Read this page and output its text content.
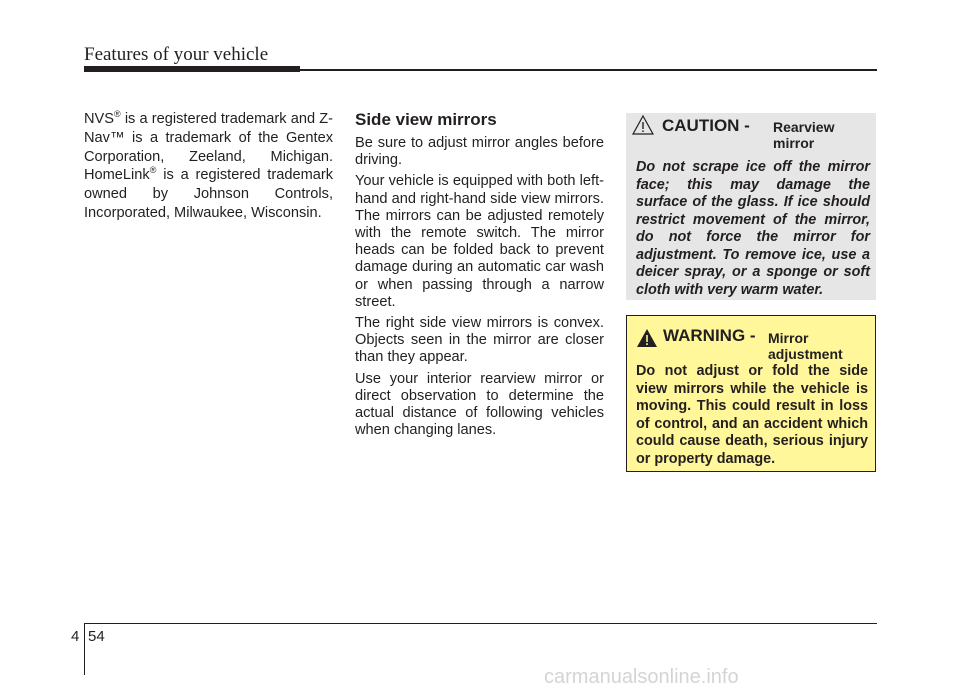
Features of your vehicle
NVS® is a registered trademark and Z-Nav™ is a trademark of the Gentex Corporation, Zeeland, Michigan. HomeLink® is a registered trademark owned by Johnson Controls, Incorporated, Milwaukee, Wisconsin.
Side view mirrors

Be sure to adjust mirror angles before driving.

Your vehicle is equipped with both left-hand and right-hand side view mirrors. The mirrors can be adjusted remotely with the remote switch. The mirror heads can be folded back to prevent damage during an automatic car wash or when passing through a narrow street.

The right side view mirrors is convex. Objects seen in the mirror are closer than they appear.

Use your interior rearview mirror or direct observation to determine the actual distance of following vehicles when changing lanes.

CAUTION - Rearview mirror
Do not scrape ice off the mirror face; this may damage the surface of the glass. If ice should restrict movement of the mirror, do not force the mirror for adjustment. To remove ice, use a deicer spray, or a sponge or soft cloth with very warm water.
WARNING - Mirror adjustment
Do not adjust or fold the side view mirrors while the vehicle is moving. This could result in loss of control, and an accident which could cause death, serious injury or property damage.
4 54
carmanualsonline.info
